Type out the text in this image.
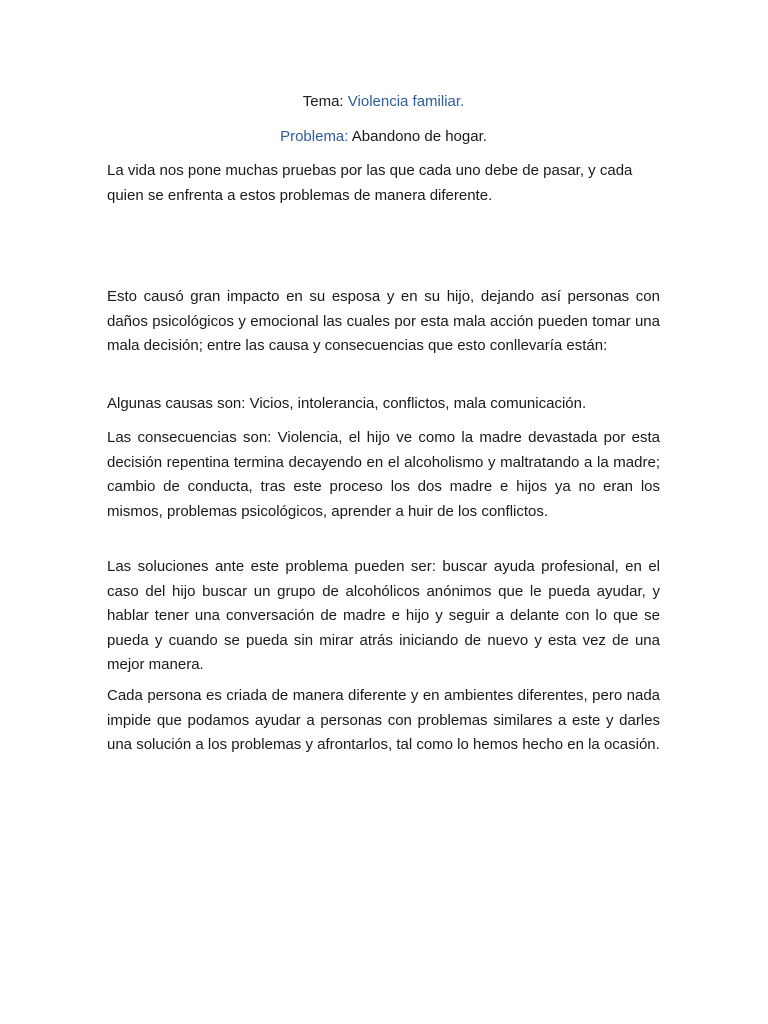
Tema: Violencia familiar.

Problema: Abandono de hogar.

La vida nos pone muchas pruebas por las que cada uno debe de pasar, y cada quien se enfrenta a estos problemas de manera diferente.

Esto causó gran impacto en su esposa y en su hijo, dejando así personas con daños psicológicos y emocional las cuales por esta mala acción pueden tomar una mala decisión; entre las causa y consecuencias que esto conllevaría están:

Algunas causas son: Vicios, intolerancia, conflictos, mala comunicación.

Las consecuencias son: Violencia, el hijo ve como la madre devastada por esta decisión repentina termina decayendo en el alcoholismo y maltratando a la madre; cambio de conducta, tras este proceso los dos madre e hijos ya no eran los mismos, problemas psicológicos, aprender a huir de los conflictos.

Las soluciones ante este problema pueden ser: buscar ayuda profesional, en el caso del hijo buscar un grupo de alcohólicos anónimos que le pueda ayudar, y hablar tener una conversación de madre e hijo y seguir a delante con lo que se pueda y cuando se pueda sin mirar atrás iniciando de nuevo y esta vez de una mejor manera.

Cada persona es criada de manera diferente y en ambientes diferentes, pero nada impide que podamos ayudar a personas con problemas similares a este y darles una solución a los problemas y afrontarlos, tal como lo hemos hecho en la ocasión.
